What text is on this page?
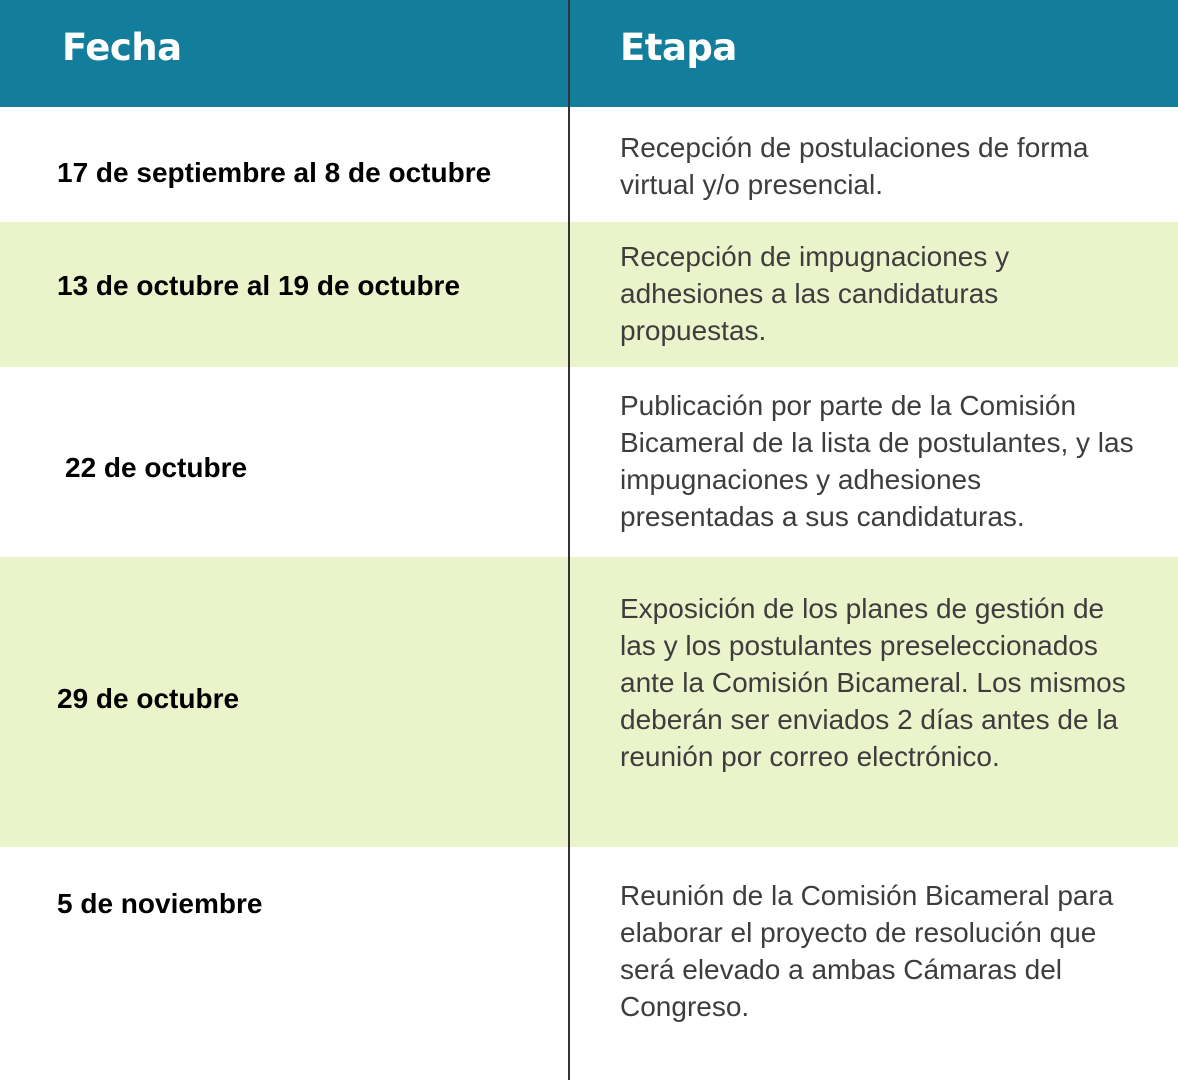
Fecha	Etapa
17 de septiembre al 8 de octubre
Recepción de postulaciones de forma virtual y/o presencial.
13 de octubre al 19 de octubre
Recepción de impugnaciones y adhesiones a las candidaturas propuestas.
22 de octubre
Publicación por parte de la Comisión Bicameral de la lista de postulantes, y las impugnaciones y adhesiones presentadas a sus candidaturas.
29 de octubre
Exposición de los planes de gestión de las y los postulantes preseleccionados ante la Comisión Bicameral. Los mismos deberán ser enviados 2 días antes de la reunión por correo electrónico.
5 de noviembre	Reunión de la Comisión Bicameral para elaborar el proyecto de resolución que será elevado a ambas Cámaras del Congreso.
